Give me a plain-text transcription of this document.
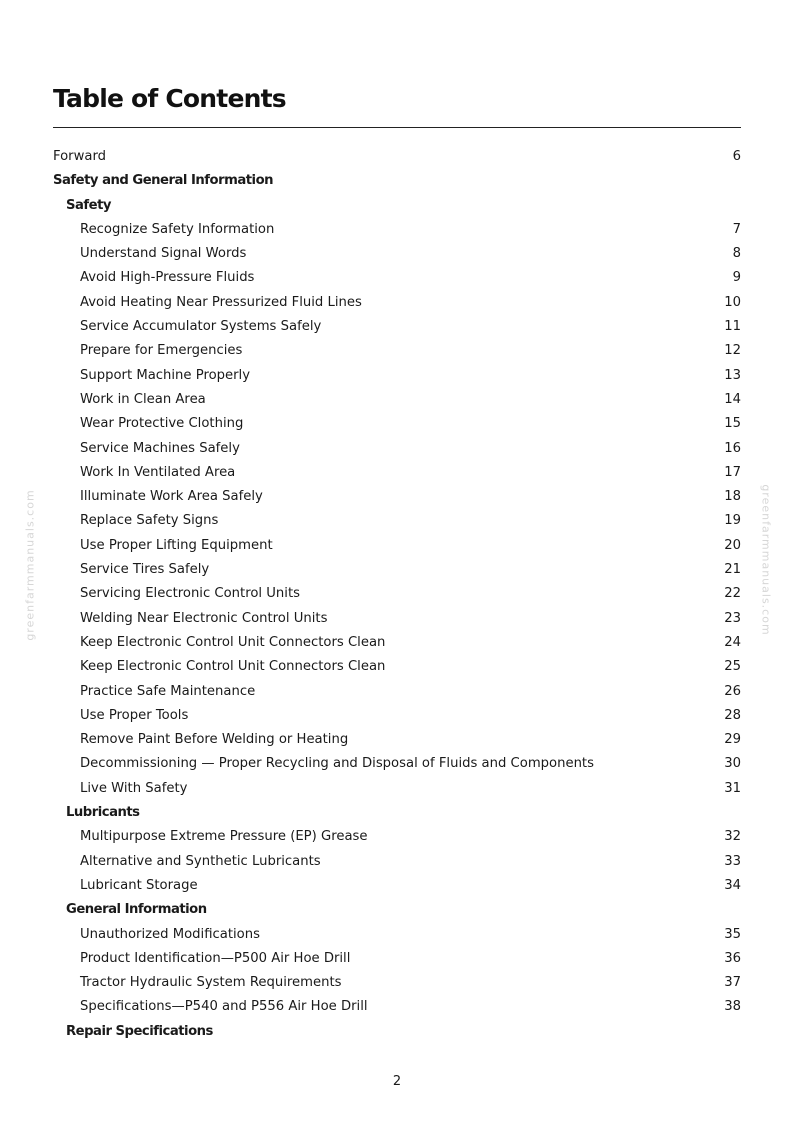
Table of Contents
Forward	6
Safety and General Information
Safety
Recognize Safety Information	7
Understand Signal Words	8
Avoid High-Pressure Fluids	9
Avoid Heating Near Pressurized Fluid Lines	10
Service Accumulator Systems Safely	11
Prepare for Emergencies	12
Support Machine Properly	13
Work in Clean Area	14
Wear Protective Clothing	15
Service Machines Safely	16
Work In Ventilated Area	17
Illuminate Work Area Safely	18
Replace Safety Signs	19
Use Proper Lifting Equipment	20
Service Tires Safely	21
Servicing Electronic Control Units	22
Welding Near Electronic Control Units	23
Keep Electronic Control Unit Connectors Clean	24
Keep Electronic Control Unit Connectors Clean	25
Practice Safe Maintenance	26
Use Proper Tools	28
Remove Paint Before Welding or Heating	29
Decommissioning — Proper Recycling and Disposal of Fluids and Components	30
Live With Safety	31
Lubricants
Multipurpose Extreme Pressure (EP) Grease	32
Alternative and Synthetic Lubricants	33
Lubricant Storage	34
General Information
Unauthorized Modifications	35
Product Identification—P500 Air Hoe Drill	36
Tractor Hydraulic System Requirements	37
Specifications—P540 and P556 Air Hoe Drill	38
Repair Specifications
greenfarmmanuals.com	greenfarmmanuals.com
2
